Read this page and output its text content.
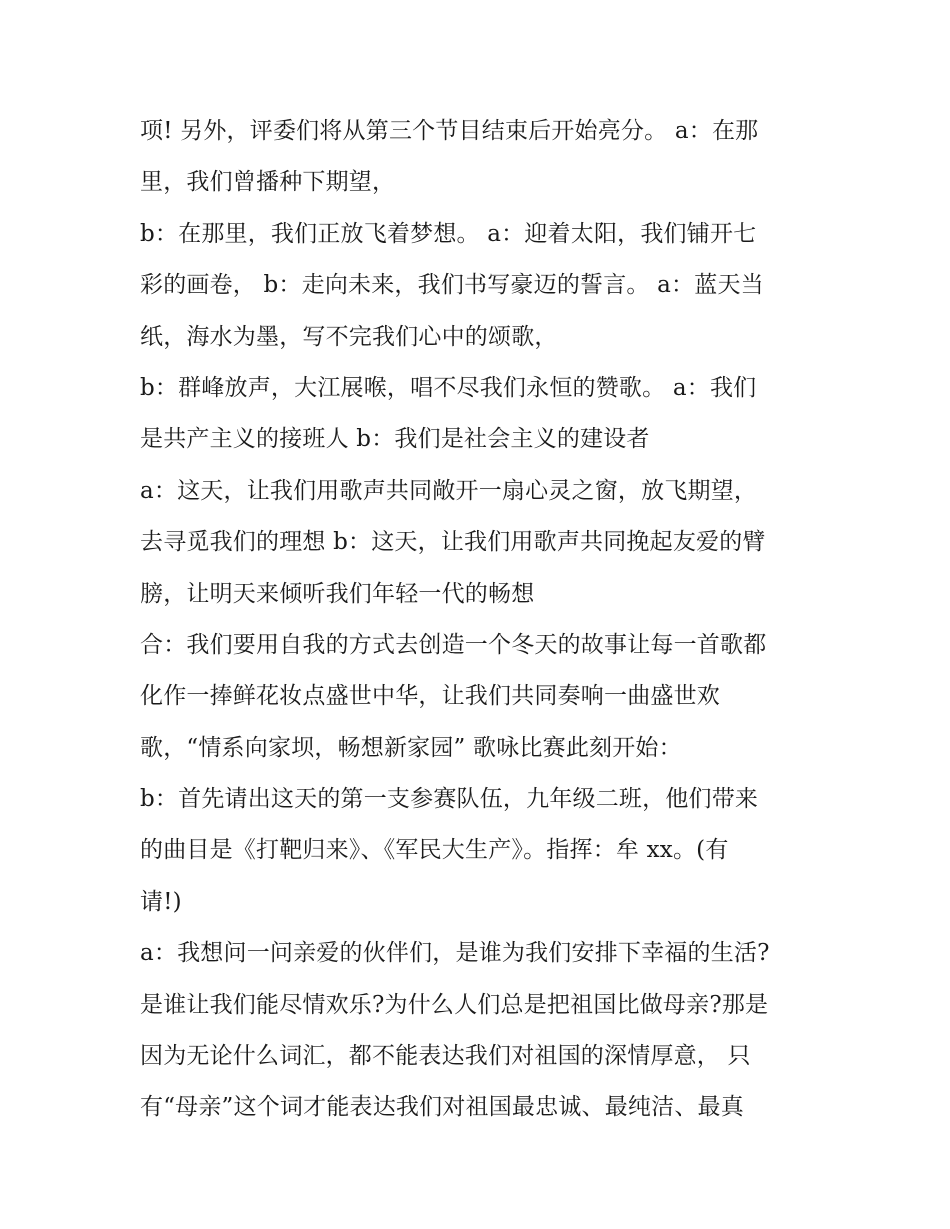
项! 另外，评委们将从第三个节目结束后开始亮分。 a：在那
里，我们曾播种下期望，
b：在那里，我们正放飞着梦想。 a：迎着太阳，我们铺开七
彩的画卷， b：走向未来，我们书写豪迈的誓言。 a：蓝天当
纸，海水为墨，写不完我们心中的颂歌，
b：群峰放声，大江展喉，唱不尽我们永恒的赞歌。 a：我们
是共产主义的接班人 b：我们是社会主义的建设者
a：这天，让我们用歌声共同敞开一扇心灵之窗，放飞期望，
去寻觅我们的理想 b：这天，让我们用歌声共同挽起友爱的臂
膀，让明天来倾听我们年轻一代的畅想
合：我们要用自我的方式去创造一个冬天的故事让每一首歌都
化作一捧鲜花妆点盛世中华，让我们共同奏响一曲盛世欢
歌，“情系向家坝，畅想新家园” 歌咏比赛此刻开始：
b：首先请出这天的第一支参赛队伍，九年级二班，他们带来
的曲目是《打靶归来》、《军民大生产》。指挥：牟 xx。(有
请!)
a：我想问一问亲爱的伙伴们，是谁为我们安排下幸福的生活?
是谁让我们能尽情欢乐?为什么人们总是把祖国比做母亲?那是
因为无论什么词汇，都不能表达我们对祖国的深情厚意， 只
有“母亲”这个词才能表达我们对祖国最忠诚、最纯洁、最真
